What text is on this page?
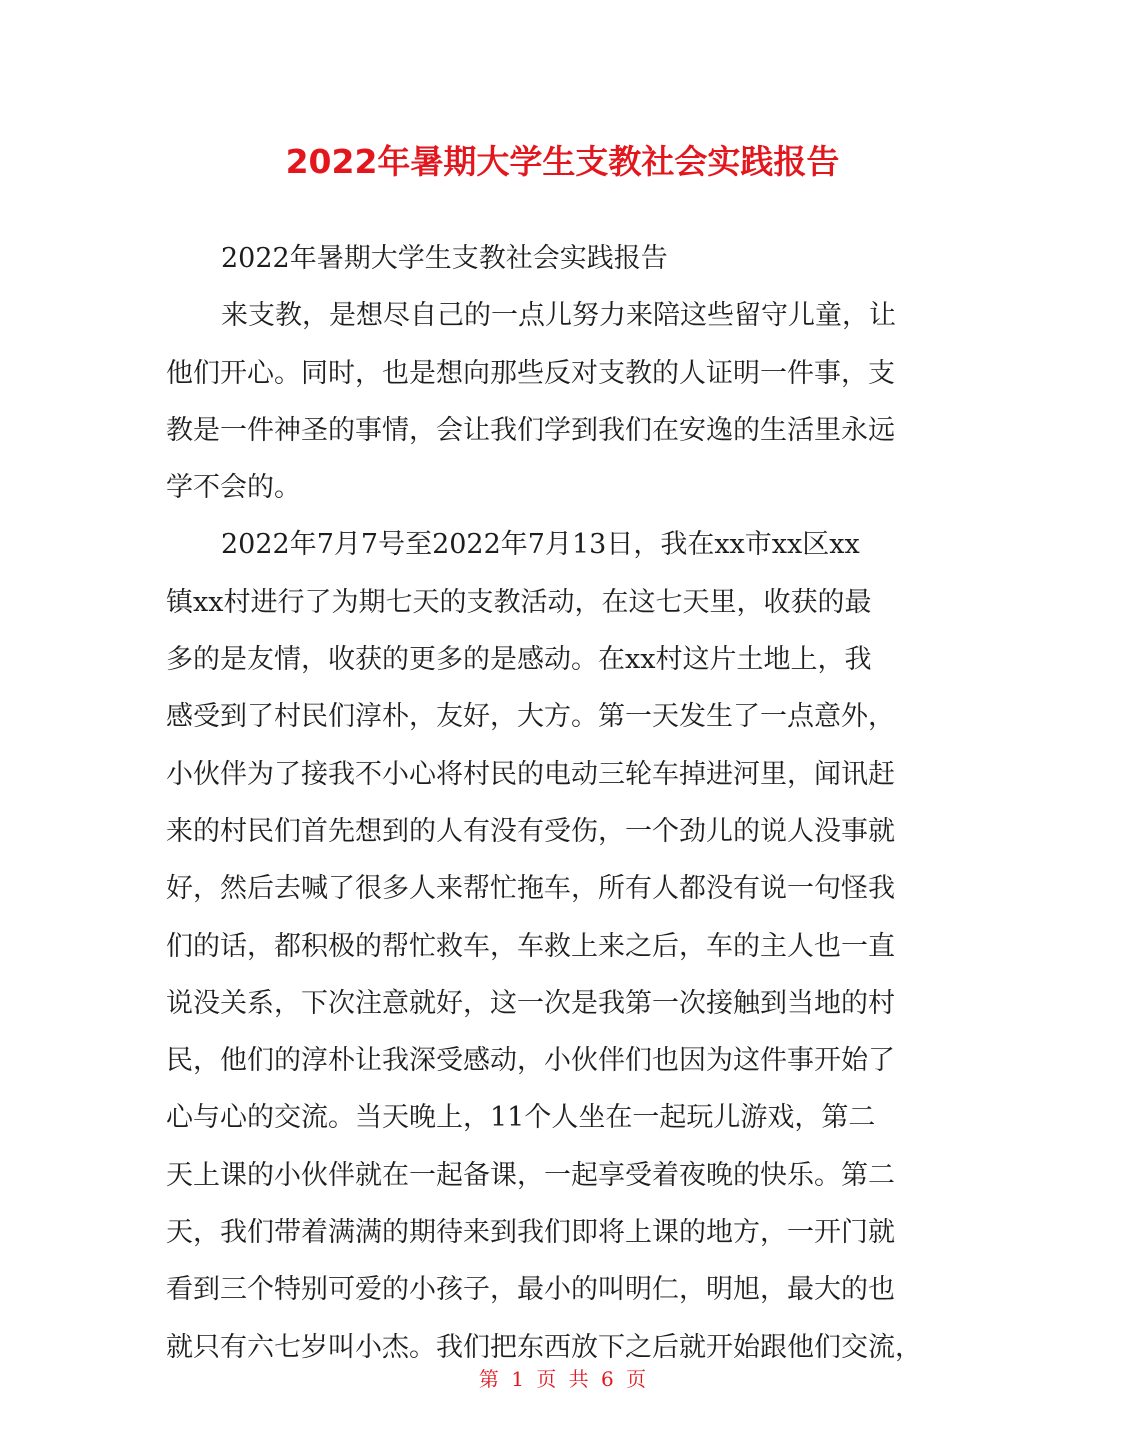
2022年暑期大学生支教社会实践报告
2022年暑期大学生支教社会实践报告
来支教，是想尽自己的一点儿努力来陪这些留守儿童，让
他们开心。同时，也是想向那些反对支教的人证明一件事，支
教是一件神圣的事情，会让我们学到我们在安逸的生活里永远
学不会的。
2022年7月7号至2022年7月13日，我在xx市xx区xx
镇xx村进行了为期七天的支教活动，在这七天里，收获的最
多的是友情，收获的更多的是感动。在xx村这片土地上，我
感受到了村民们淳朴，友好，大方。第一天发生了一点意外，
小伙伴为了接我不小心将村民的电动三轮车掉进河里，闻讯赶
来的村民们首先想到的人有没有受伤，一个劲儿的说人没事就
好，然后去喊了很多人来帮忙拖车，所有人都没有说一句怪我
们的话，都积极的帮忙救车，车救上来之后，车的主人也一直
说没关系，下次注意就好，这一次是我第一次接触到当地的村
民，他们的淳朴让我深受感动，小伙伴们也因为这件事开始了
心与心的交流。当天晚上，11个人坐在一起玩儿游戏，第二
天上课的小伙伴就在一起备课，一起享受着夜晚的快乐。第二
天，我们带着满满的期待来到我们即将上课的地方，一开门就
看到三个特别可爱的小孩子，最小的叫明仁，明旭，最大的也
就只有六七岁叫小杰。我们把东西放下之后就开始跟他们交流，
第 1 页 共 6 页
